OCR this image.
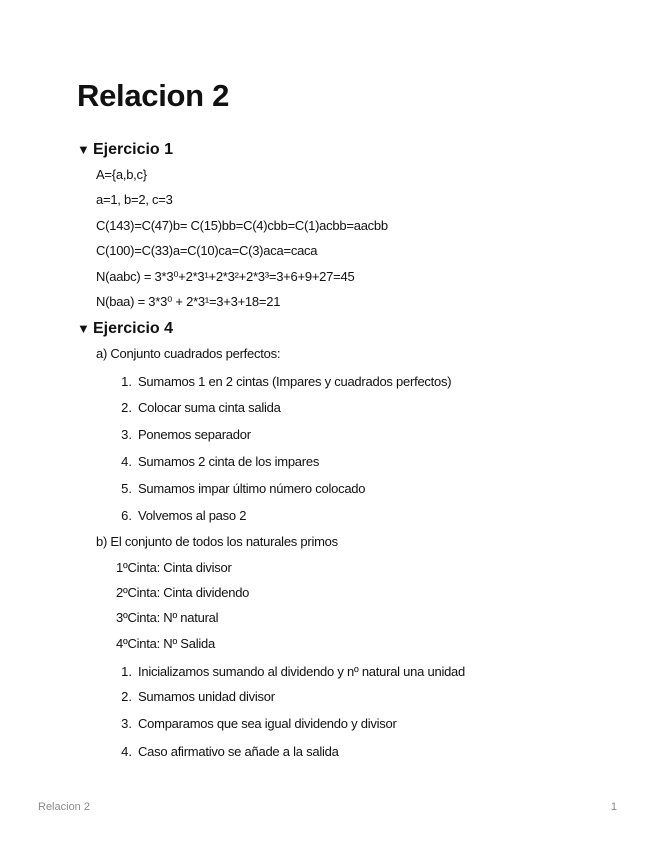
Relacion 2
▼ Ejercicio 1
A={a,b,c}
a=1, b=2, c=3
C(143)=C(47)b= C(15)bb=C(4)cbb=C(1)acbb=aacbb
C(100)=C(33)a=C(10)ca=C(3)aca=caca
N(aabc) = 3*3⁰+2*3¹+2*3²+2*3³=3+6+9+27=45
N(baa) = 3*3⁰ + 2*3¹=3+3+18=21
▼ Ejercicio 4
a) Conjunto cuadrados perfectos:
1. Sumamos 1 en 2 cintas (Impares y cuadrados perfectos)
2. Colocar suma cinta salida
3. Ponemos separador
4. Sumamos 2 cinta de los impares
5. Sumamos impar último número colocado
6. Volvemos al paso 2
b) El conjunto de todos los naturales primos
1ºCinta: Cinta divisor
2ºCinta: Cinta dividendo
3ºCinta: Nº natural
4ºCinta: Nº Salida
1. Inicializamos sumando al dividendo y nº natural una unidad
2. Sumamos unidad divisor
3. Comparamos que sea igual dividendo y divisor
4. Caso afirmativo se añade a la salida
Relacion 2	1
